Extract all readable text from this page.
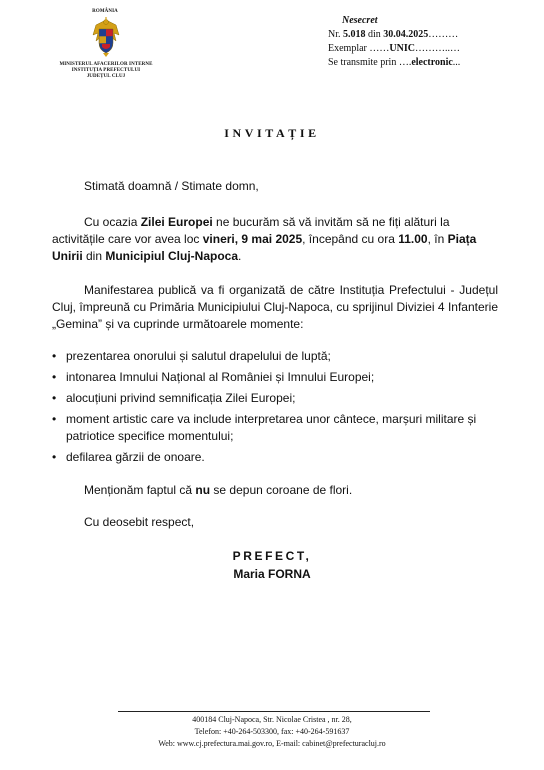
ROMÂNIA
MINISTERUL AFACERILOR INTERNE
INSTITUȚIA PREFECTULUI
JUDEȚUL CLUJ
Nesecret
Nr. 5.018 din 30.04.2025………
Exemplar ……UNIC………..…
Se transmite prin ….electronic...
INVITAȚIE
Stimată doamnă / Stimate domn,
Cu ocazia Zilei Europei ne bucurăm să vă invităm să ne fiți alături la activitățile care vor avea loc vineri, 9 mai 2025, începând cu ora 11.00, în Piața Unirii din Municipiul Cluj-Napoca.
Manifestarea publică va fi organizată de către Instituția Prefectului - Județul Cluj, împreună cu Primăria Municipiului Cluj-Napoca, cu sprijinul Diviziei 4 Infanterie „Gemina” și va cuprinde următoarele momente:
• prezentarea onorului și salutul drapelului de luptă;
• intonarea Imnului Național al României și Imnului Europei;
• alocuțiuni privind semnificația Zilei Europei;
• moment artistic care va include interpretarea unor cântece, marșuri militare și patriotice specifice momentului;
• defilarea gărzii de onoare.
Menționăm faptul că nu se depun coroane de flori.
Cu deosebit respect,
PREFECT,
Maria FORNA
400184 Cluj-Napoca, Str. Nicolae Cristea , nr. 28,
Telefon: +40-264-503300, fax: +40-264-591637
Web: www.cj.prefectura.mai.gov.ro, E-mail: cabinet@prefecturacluj.ro
